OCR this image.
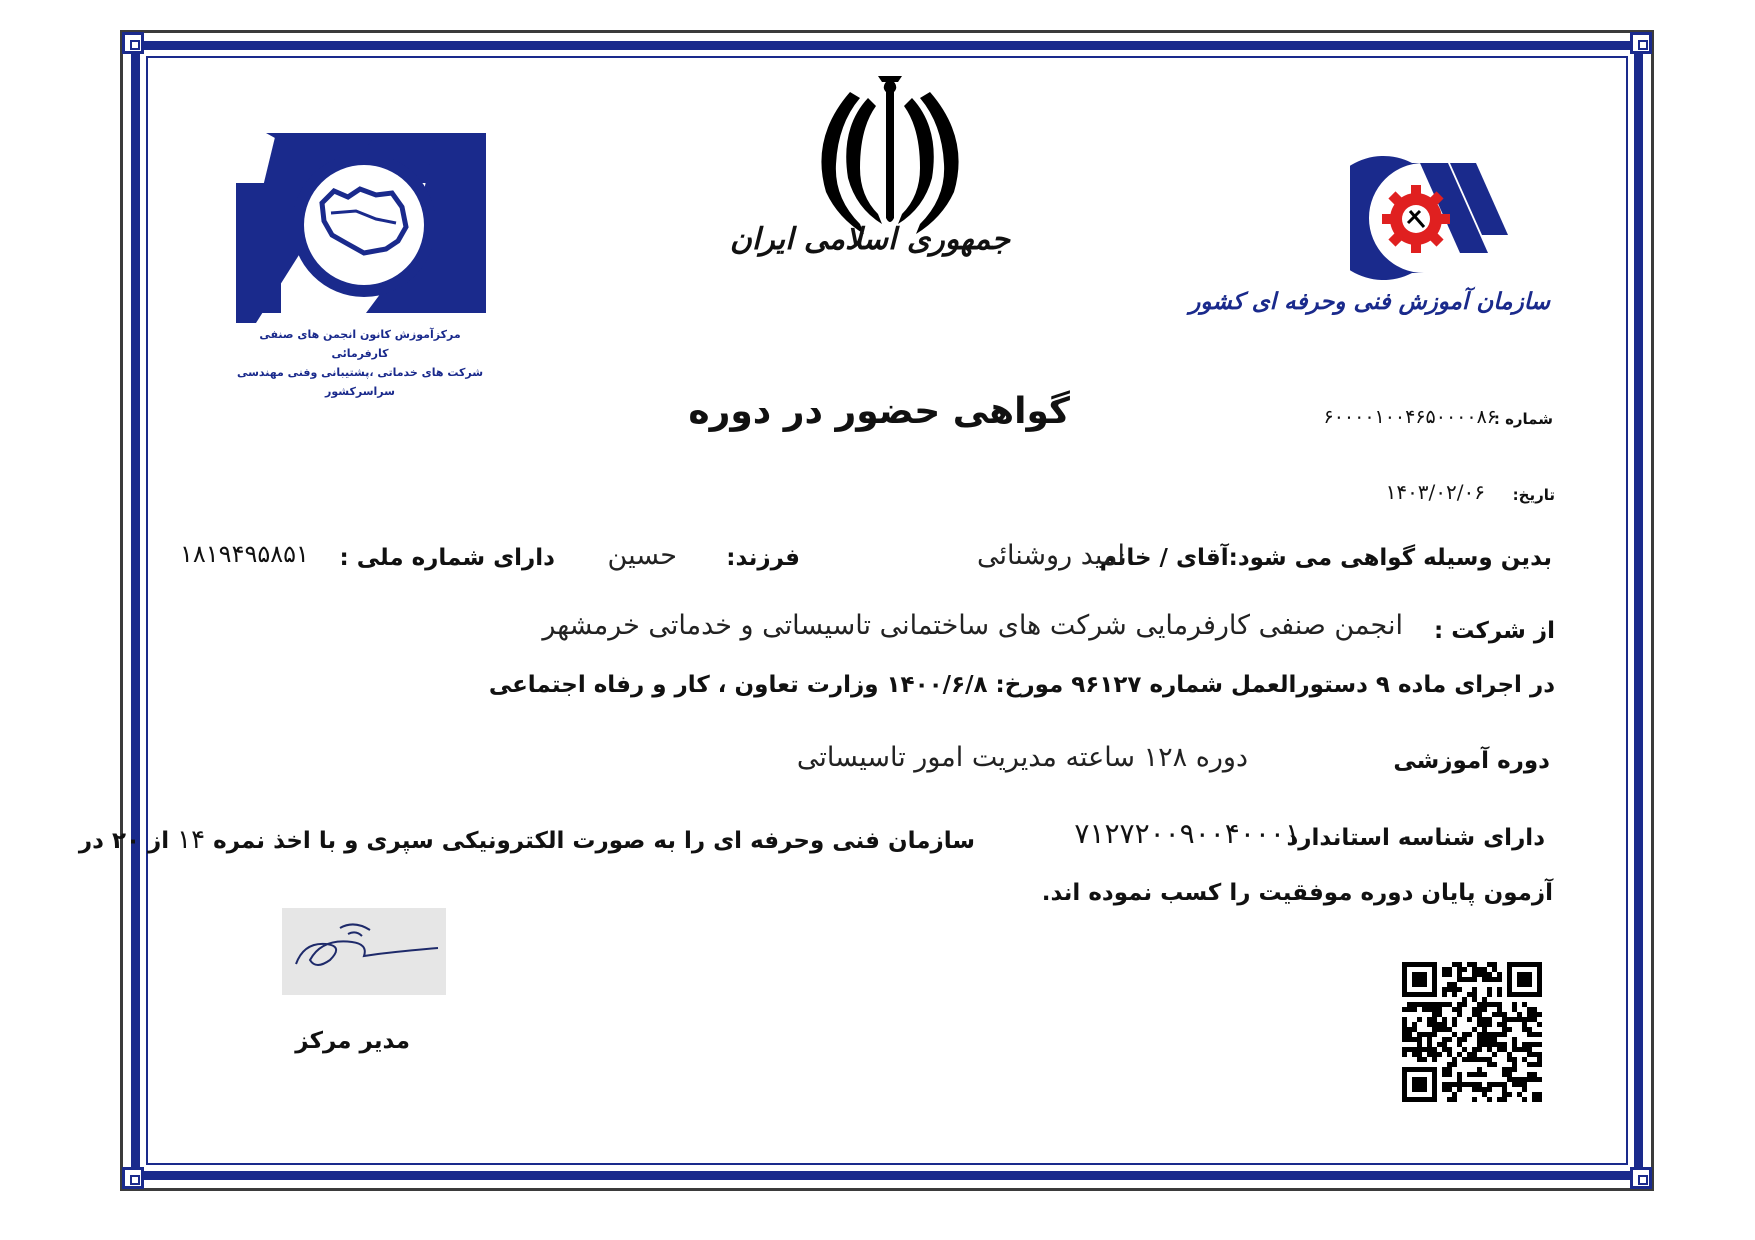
مرکزآموزش کانون انجمن های صنفی کارفرمائی
شرکت های خدماتی ،پشتیبانی وفنی مهندسی
سراسرکشور
جمهوری اسلامی ایران
سازمان آموزش فنی وحرفه ای کشور
گواهی حضور در دوره	شماره :
۶۰۰۰۰۱۰۰۴۶۵۰۰۰۰۸۶
تاریخ:
۱۴۰۳/۰۲/۰۶
بدین وسیله گواهی می شود:آقای / خانم
امید روشنائی
فرزند:
حسین
دارای شماره ملی :
۱۸۱۹۴۹۵۸۵۱
از شرکت :
انجمن صنفی کارفرمایی شرکت های ساختمانی تاسیساتی و خدماتی خرمشهر
در اجرای ماده ۹ دستورالعمل شماره ۹۶۱۲۷ مورخ: ۱۴۰۰/۶/۸ وزارت تعاون ، کار و رفاه اجتماعی
دوره آموزشی
دوره ۱۲۸ ساعته مدیریت امور تاسیساتی
دارای شناسه استاندارد
۷۱۲۷۲۰۰۹۰۰۴۰۰۰۱
سازمان فنی وحرفه ای را به صورت الکترونیکی سپری و با اخذ نمره ۱۴ از ۲۰ در
آزمون پایان دوره موفقیت را کسب نموده اند.
مدیر مرکز
